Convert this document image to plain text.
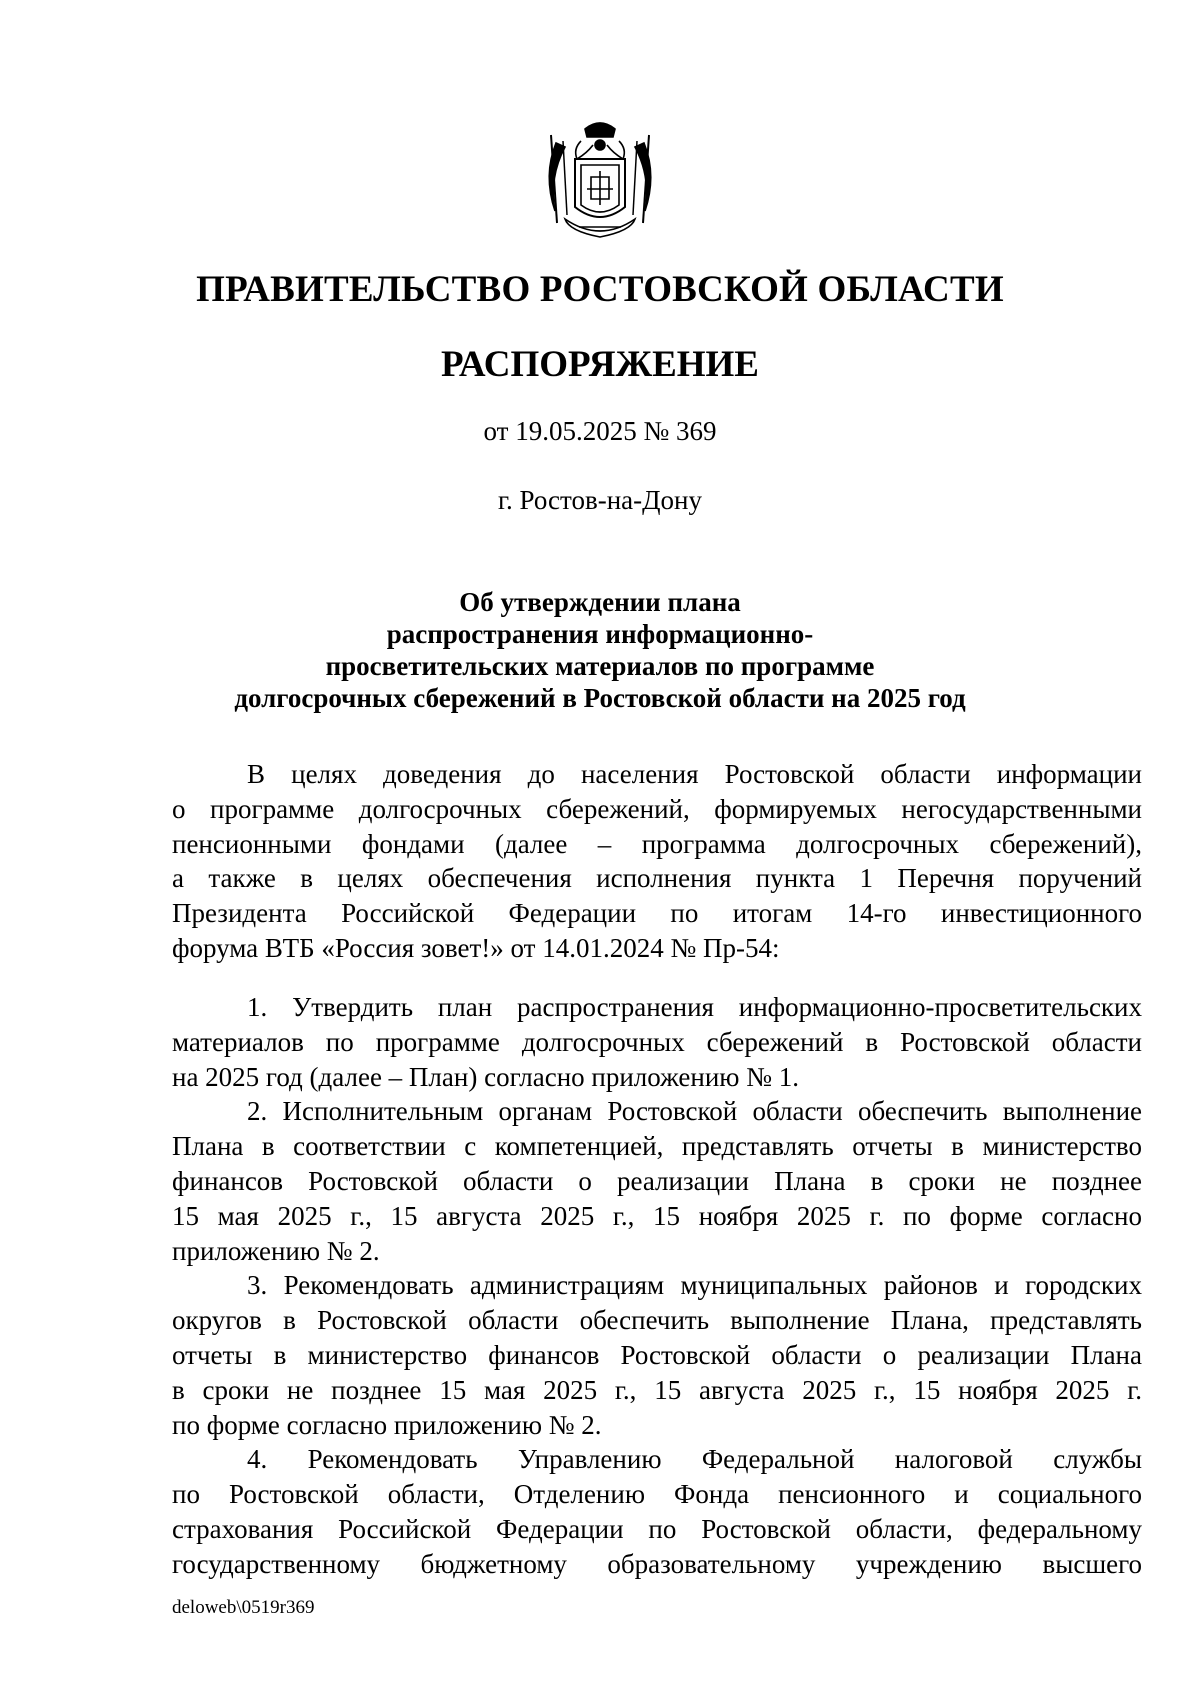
ПРАВИТЕЛЬСТВО РОСТОВСКОЙ ОБЛАСТИ
РАСПОРЯЖЕНИЕ
от 19.05.2025 № 369
г. Ростов-на-Дону
Об утверждении плана
распространения информационно-
просветительских материалов по программе
долгосрочных сбережений в Ростовской области на 2025 год
В целях доведения до населения Ростовской области информации
о программе долгосрочных сбережений, формируемых негосударственными
пенсионными фондами (далее – программа долгосрочных сбережений),
а также в целях обеспечения исполнения пункта 1 Перечня поручений
Президента Российской Федерации по итогам 14-го инвестиционного
форума ВТБ «Россия зовет!» от 14.01.2024 № Пр-54:
1. Утвердить план распространения информационно-просветительских
материалов по программе долгосрочных сбережений в Ростовской области
на 2025 год (далее – План) согласно приложению № 1.
2. Исполнительным органам Ростовской области обеспечить выполнение
Плана в соответствии с компетенцией, представлять отчеты в министерство
финансов Ростовской области о реализации Плана в сроки не позднее
15 мая 2025 г., 15 августа 2025 г., 15 ноября 2025 г. по форме согласно
приложению № 2.
3. Рекомендовать администрациям муниципальных районов и городских
округов в Ростовской области обеспечить выполнение Плана, представлять
отчеты в министерство финансов Ростовской области о реализации Плана
в сроки не позднее 15 мая 2025 г., 15 августа 2025 г., 15 ноября 2025 г.
по форме согласно приложению № 2.
4. Рекомендовать Управлению Федеральной налоговой службы
по Ростовской области, Отделению Фонда пенсионного и социального
страхования Российской Федерации по Ростовской области, федеральному
государственному бюджетному образовательному учреждению высшего
deloweb\0519r369
